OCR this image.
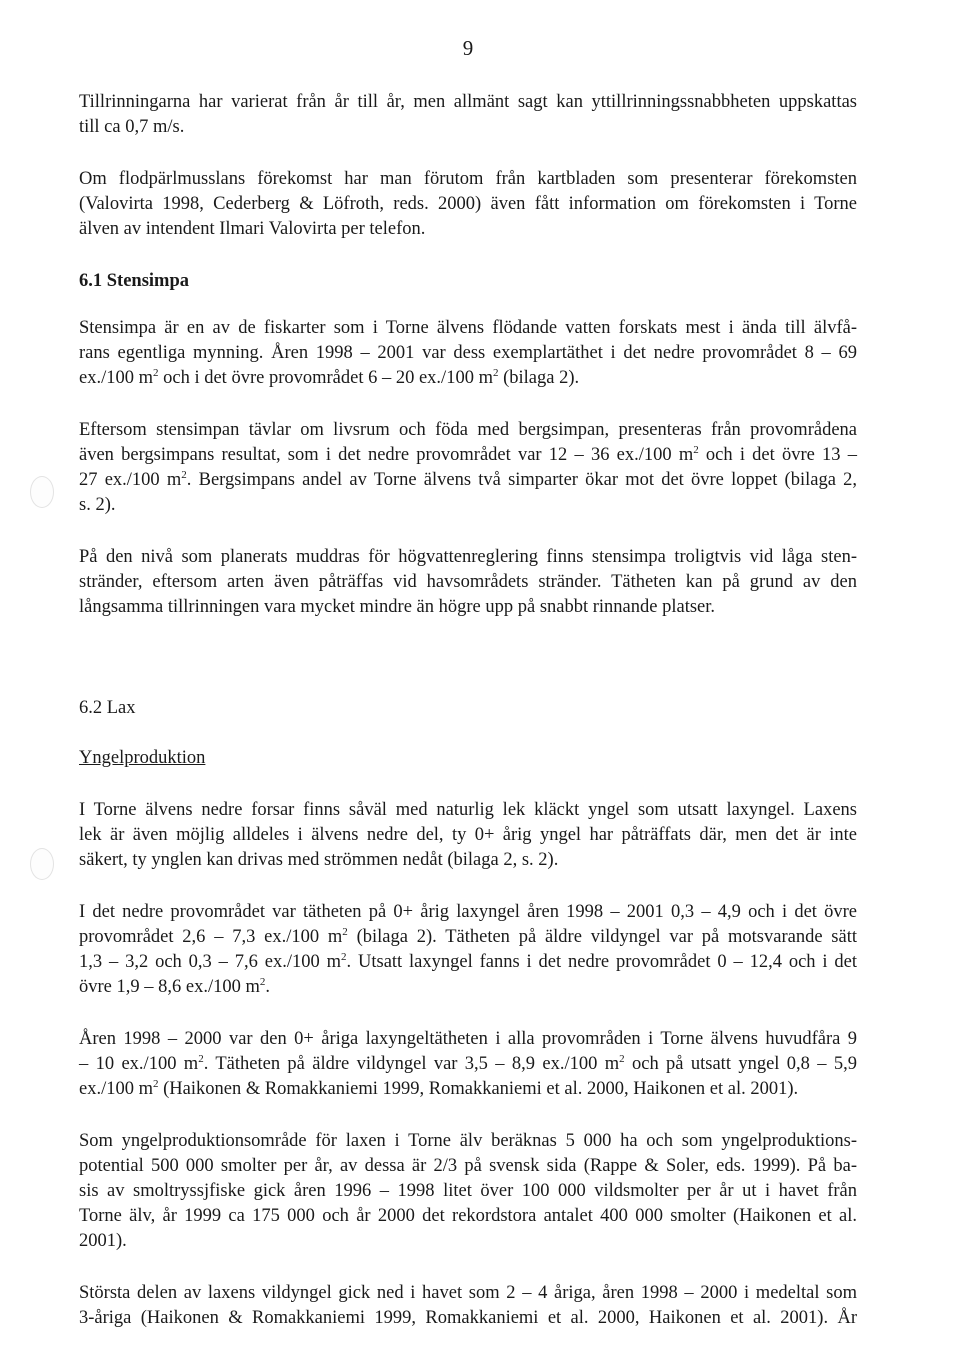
9

Tillrinningarna har varierat från år till år, men allmänt sagt kan yttillrinningssnabbheten uppskattas
till ca 0,7 m/s.

Om flodpärlmusslans förekomst har man förutom från kartbladen som presenterar förekomsten
(Valovirta 1998, Cederberg & Löfroth, reds. 2000) även fått information om förekomsten i Torne
älven av intendent Ilmari Valovirta per telefon.

6.1 Stensimpa

Stensimpa är en av de fiskarter som i Torne älvens flödande vatten forskats mest i ända till älvfå-
rans egentliga mynning. Åren 1998 – 2001 var dess exemplartäthet i det nedre provområdet 8 – 69
ex./100 $m^2$ och i det övre provområdet 6 – 20 ex./100 $m^2$ (bilaga 2).

Eftersom stensimpan tävlar om livsrum och föda med bergsimpan, presenteras från provområdena
även bergsimpans resultat, som i det nedre provområdet var 12 – 36 ex./100 $m^2$ och i det övre 13 –
27 ex./100 $m^2$. Bergsimpans andel av Torne älvens två simparter ökar mot det övre loppet (bilaga 2,
s. 2).

På den nivå som planerats muddras för högvattenreglering finns stensimpa troligtvis vid låga sten-
stränder, eftersom arten även påträffas vid havsområdets stränder. Tätheten kan på grund av den
långsamma tillrinningen vara mycket mindre än högre upp på snabbt rinnande platser.

6.2 Lax

Yngelproduktion

I Torne älvens nedre forsar finns såväl med naturlig lek kläckt yngel som utsatt laxyngel. Laxens
lek är även möjlig alldeles i älvens nedre del, ty 0+ årig yngel har påträffats där, men det är inte
säkert, ty ynglen kan drivas med strömmen nedåt (bilaga 2, s. 2).

I det nedre provområdet var tätheten på 0+ årig laxyngel åren 1998 – 2001 0,3 – 4,9 och i det övre
provområdet 2,6 – 7,3 ex./100 $m^2$ (bilaga 2). Tätheten på äldre vildyngel var på motsvarande sätt
1,3 – 3,2 och 0,3 – 7,6 ex./100 $m^2$. Utsatt laxyngel fanns i det nedre provområdet 0 – 12,4 och i det
övre 1,9 – 8,6 ex./100 $m^2$.

Åren 1998 – 2000 var den 0+ åriga laxyngeltätheten i alla provområden i Torne älvens huvudfåra 9
– 10 ex./100 $m^2$. Tätheten på äldre vildyngel var 3,5 – 8,9 ex./100 $m^2$ och på utsatt yngel 0,8 – 5,9
ex./100 $m^2$ (Haikonen & Romakkaniemi 1999, Romakkaniemi et al. 2000, Haikonen et al. 2001).

Som yngelproduktionsområde för laxen i Torne älv beräknas 5 000 ha och som yngelproduktions-
potential 500 000 smolter per år, av dessa är 2/3 på svensk sida (Rappe & Soler, eds. 1999). På ba-
sis av smoltryssjfiske gick åren 1996 – 1998 litet över 100 000 vildsmolter per år ut i havet från
Torne älv, år 1999 ca 175 000 och år 2000 det rekordstora antalet 400 000 smolter (Haikonen et al.
2001).

Största delen av laxens vildyngel gick ned i havet som 2 – 4 åriga, åren 1998 – 2000 i medeltal som
3-åriga (Haikonen & Romakkaniemi 1999, Romakkaniemi et al. 2000, Haikonen et al. 2001). År
